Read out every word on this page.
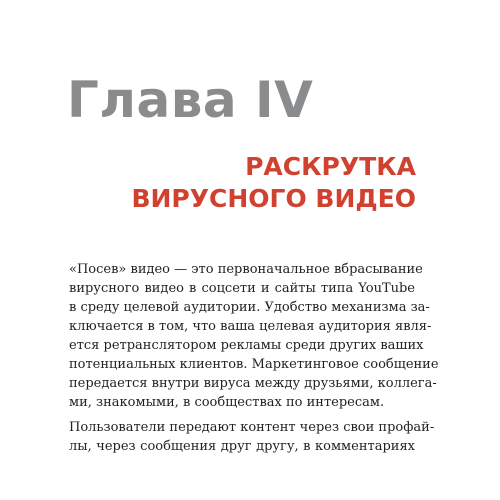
Глава IV
РАСКРУТКА
ВИРУСНОГО ВИДЕО

«Посев» видео — это первоначальное вбрасывание
вирусного видео в соцсети и сайты типа YouTube
в среду целевой аудитории. Удобство механизма за-
ключается в том, что ваша целевая аудитория явля-
ется ретранслятором рекламы среди других ваших
потенциальных клиентов. Маркетинговое сообщение
передается внутри вируса между друзьями, коллега-
ми, знакомыми, в сообществах по интересам.

Пользователи передают контент через свои профай-
лы, через сообщения друг другу, в комментариях
